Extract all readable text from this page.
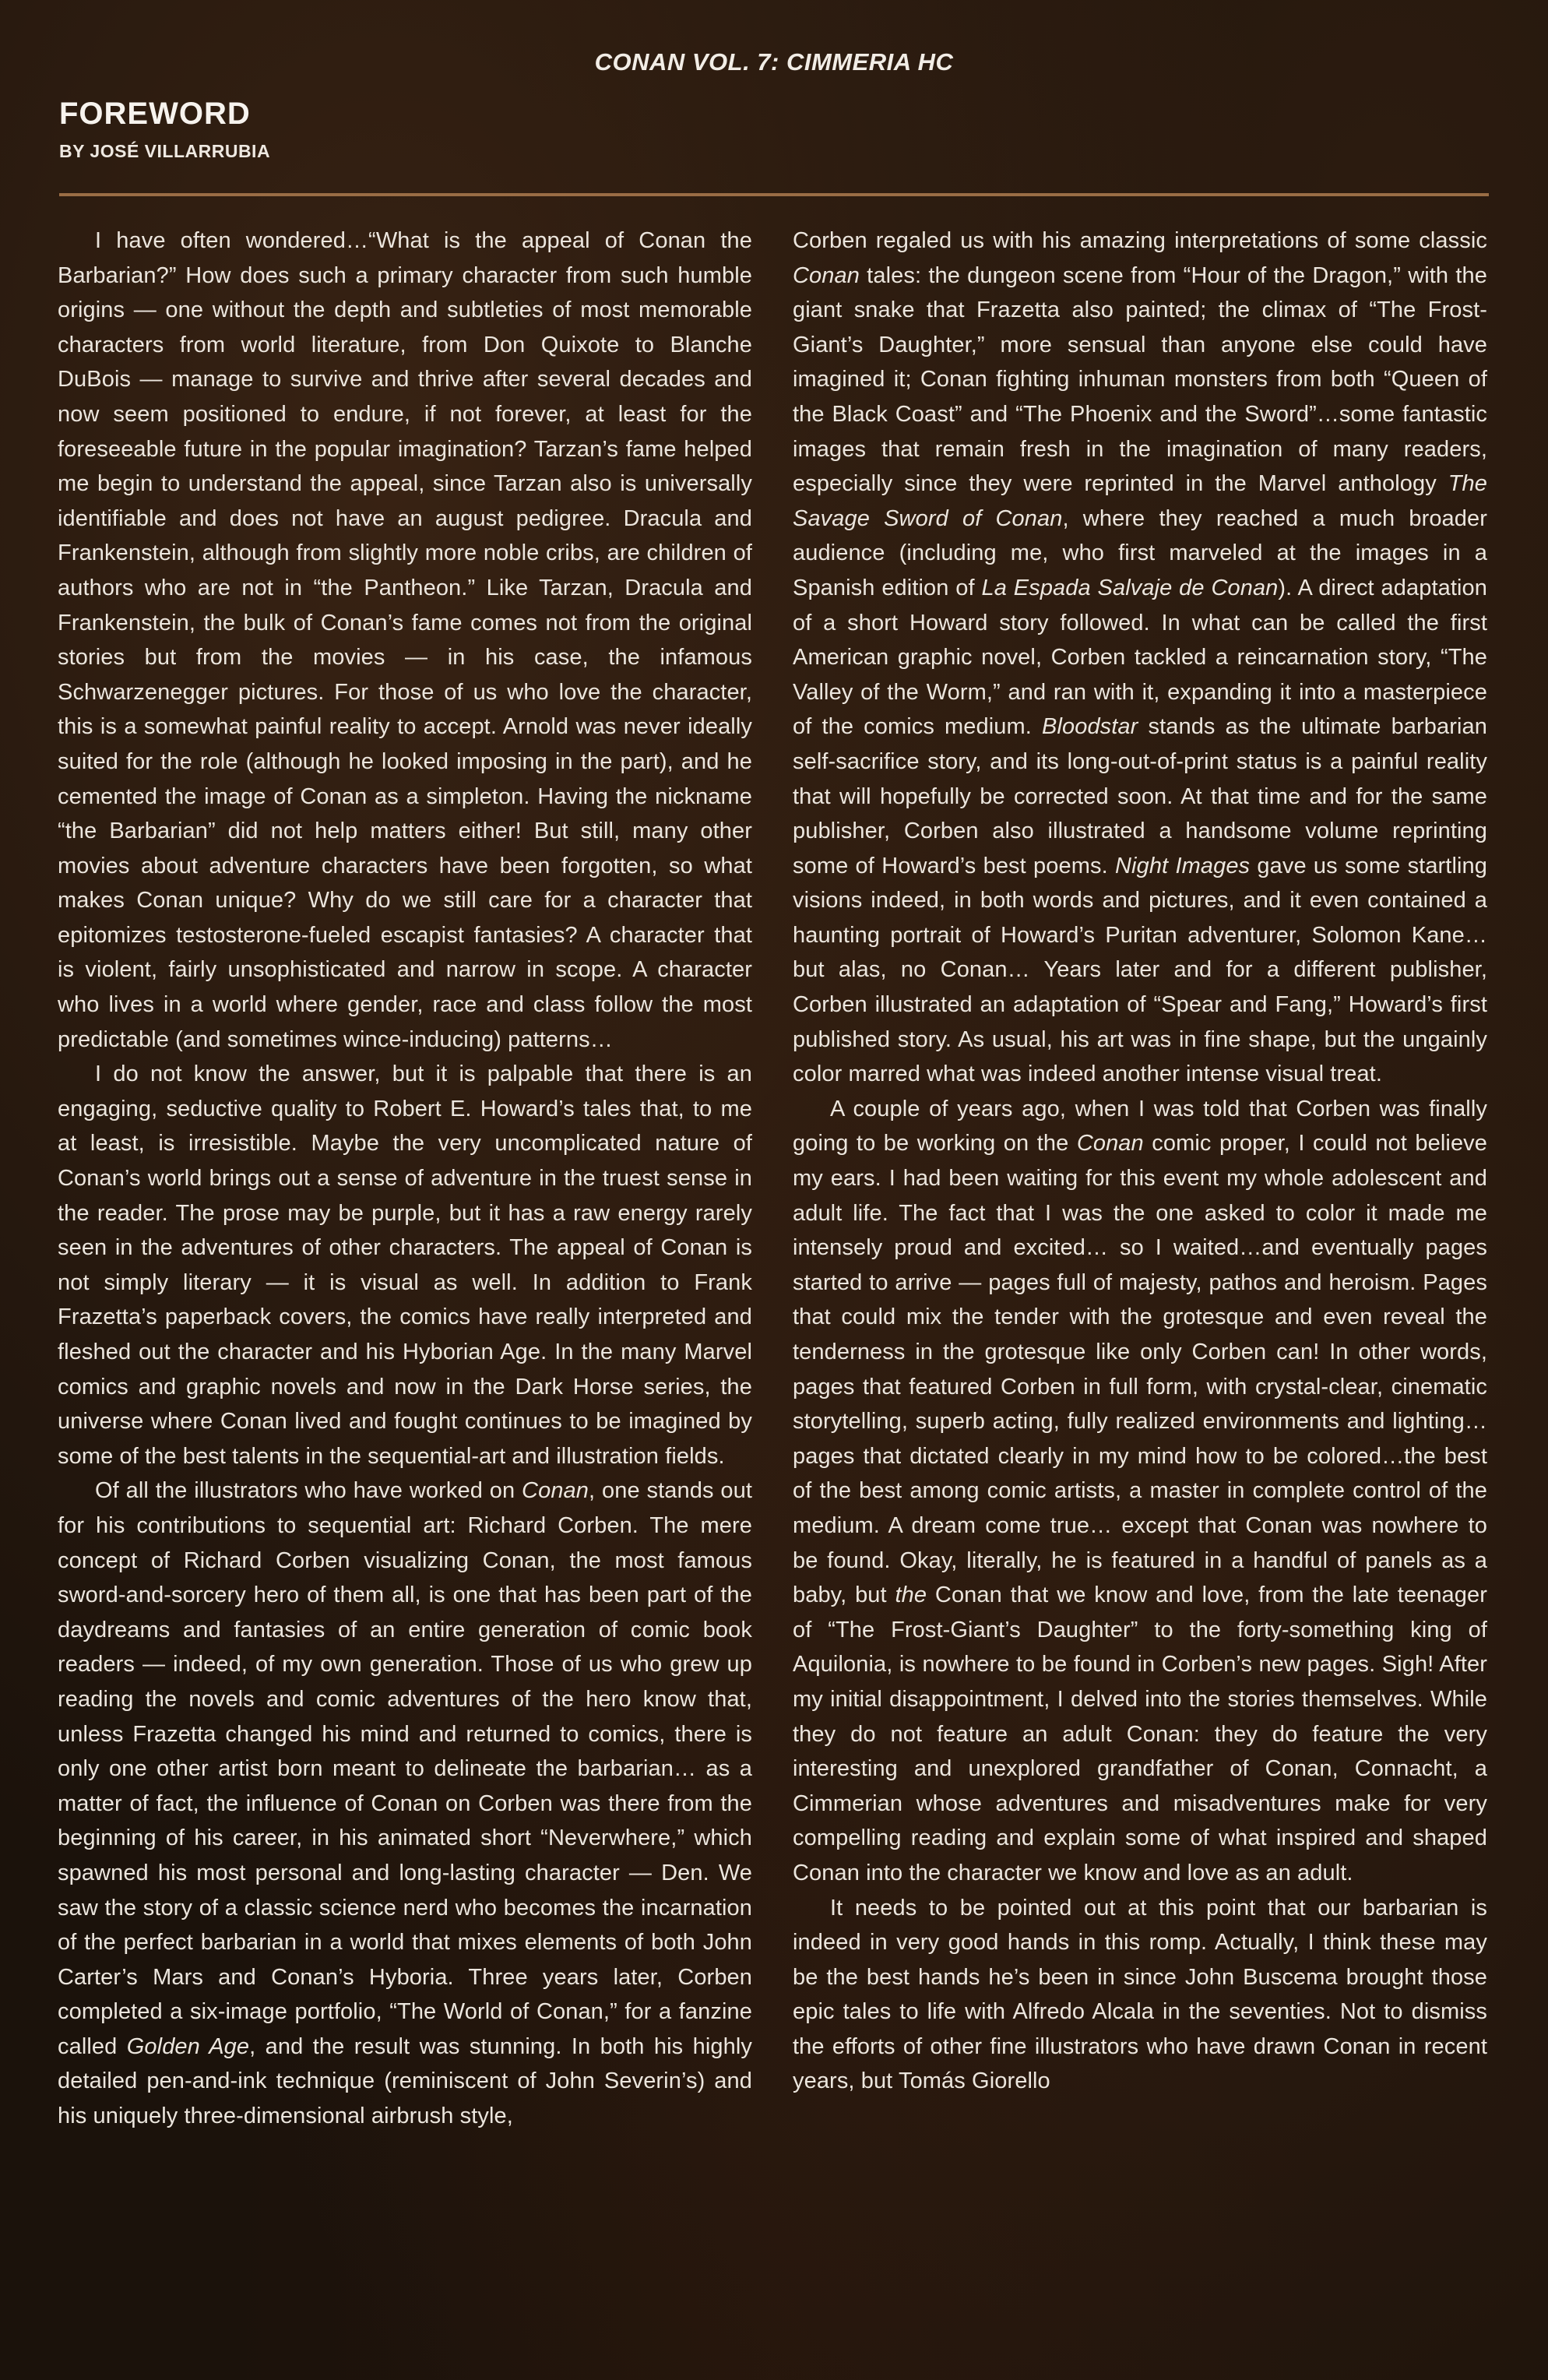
CONAN VOL. 7: CIMMERIA HC
FOREWORD
BY JOSÉ VILLARRUBIA

I have often wondered…“What is the appeal of Conan the Barbarian?” How does such a primary character from such humble origins — one without the depth and subtleties of most memorable characters from world literature, from Don Quixote to Blanche DuBois — manage to survive and thrive after several decades and now seem positioned to endure, if not forever, at least for the foreseeable future in the popular imagination? Tarzan’s fame helped me begin to understand the appeal, since Tarzan also is universally identifiable and does not have an august pedigree. Dracula and Frankenstein, although from slightly more noble cribs, are children of authors who are not in “the Pantheon.” Like Tarzan, Dracula and Frankenstein, the bulk of Conan’s fame comes not from the original stories but from the movies — in his case, the infamous Schwarzenegger pictures. For those of us who love the character, this is a somewhat painful reality to accept. Arnold was never ideally suited for the role (although he looked imposing in the part), and he cemented the image of Conan as a simpleton. Having the nickname “the Barbarian” did not help matters either! But still, many other movies about adventure characters have been forgotten, so what makes Conan unique? Why do we still care for a character that epitomizes testosterone-fueled escapist fantasies? A character that is violent, fairly unsophisticated and narrow in scope. A character who lives in a world where gender, race and class follow the most predictable (and sometimes wince-inducing) patterns…

I do not know the answer, but it is palpable that there is an engaging, seductive quality to Robert E. Howard’s tales that, to me at least, is irresistible. Maybe the very uncomplicated nature of Conan’s world brings out a sense of adventure in the truest sense in the reader. The prose may be purple, but it has a raw energy rarely seen in the adventures of other characters. The appeal of Conan is not simply literary — it is visual as well. In addition to Frank Frazetta’s paperback covers, the comics have really interpreted and fleshed out the character and his Hyborian Age. In the many Marvel comics and graphic novels and now in the Dark Horse series, the universe where Conan lived and fought continues to be imagined by some of the best talents in the sequential-art and illustration fields.

Of all the illustrators who have worked on Conan, one stands out for his contributions to sequential art: Richard Corben. The mere concept of Richard Corben visualizing Conan, the most famous sword-and-sorcery hero of them all, is one that has been part of the daydreams and fantasies of an entire generation of comic book readers — indeed, of my own generation. Those of us who grew up reading the novels and comic adventures of the hero know that, unless Frazetta changed his mind and returned to comics, there is only one other artist born meant to delineate the barbarian… as a matter of fact, the influence of Conan on Corben was there from the beginning of his career, in his animated short “Neverwhere,” which spawned his most personal and long-lasting character — Den. We saw the story of a classic science nerd who becomes the incarnation of the perfect barbarian in a world that mixes elements of both John Carter’s Mars and Conan’s Hyboria. Three years later, Corben completed a six-image portfolio, “The World of Conan,” for a fanzine called Golden Age, and the result was stunning. In both his highly detailed pen-and-ink technique (reminiscent of John Severin’s) and his uniquely three-dimensional airbrush style,

Corben regaled us with his amazing interpretations of some classic Conan tales: the dungeon scene from “Hour of the Dragon,” with the giant snake that Frazetta also painted; the climax of “The Frost-Giant’s Daughter,” more sensual than anyone else could have imagined it; Conan fighting inhuman monsters from both “Queen of the Black Coast” and “The Phoenix and the Sword”…some fantastic images that remain fresh in the imagination of many readers, especially since they were reprinted in the Marvel anthology The Savage Sword of Conan, where they reached a much broader audience (including me, who first marveled at the images in a Spanish edition of La Espada Salvaje de Conan). A direct adaptation of a short Howard story followed. In what can be called the first American graphic novel, Corben tackled a reincarnation story, “The Valley of the Worm,” and ran with it, expanding it into a masterpiece of the comics medium. Bloodstar stands as the ultimate barbarian self-sacrifice story, and its long-out-of-print status is a painful reality that will hopefully be corrected soon. At that time and for the same publisher, Corben also illustrated a handsome volume reprinting some of Howard’s best poems. Night Images gave us some startling visions indeed, in both words and pictures, and it even contained a haunting portrait of Howard’s Puritan adventurer, Solomon Kane…but alas, no Conan… Years later and for a different publisher, Corben illustrated an adaptation of “Spear and Fang,” Howard’s first published story. As usual, his art was in fine shape, but the ungainly color marred what was indeed another intense visual treat.

A couple of years ago, when I was told that Corben was finally going to be working on the Conan comic proper, I could not believe my ears. I had been waiting for this event my whole adolescent and adult life. The fact that I was the one asked to color it made me intensely proud and excited… so I waited…and eventually pages started to arrive — pages full of majesty, pathos and heroism. Pages that could mix the tender with the grotesque and even reveal the tenderness in the grotesque like only Corben can! In other words, pages that featured Corben in full form, with crystal-clear, cinematic storytelling, superb acting, fully realized environments and lighting…pages that dictated clearly in my mind how to be colored…the best of the best among comic artists, a master in complete control of the medium. A dream come true… except that Conan was nowhere to be found. Okay, literally, he is featured in a handful of panels as a baby, but the Conan that we know and love, from the late teenager of “The Frost-Giant’s Daughter” to the forty-something king of Aquilonia, is nowhere to be found in Corben’s new pages. Sigh! After my initial disappointment, I delved into the stories themselves. While they do not feature an adult Conan: they do feature the very interesting and unexplored grandfather of Conan, Connacht, a Cimmerian whose adventures and misadventures make for very compelling reading and explain some of what inspired and shaped Conan into the character we know and love as an adult.

It needs to be pointed out at this point that our barbarian is indeed in very good hands in this romp. Actually, I think these may be the best hands he’s been in since John Buscema brought those epic tales to life with Alfredo Alcala in the seventies. Not to dismiss the efforts of other fine illustrators who have drawn Conan in recent years, but Tomás Giorello
